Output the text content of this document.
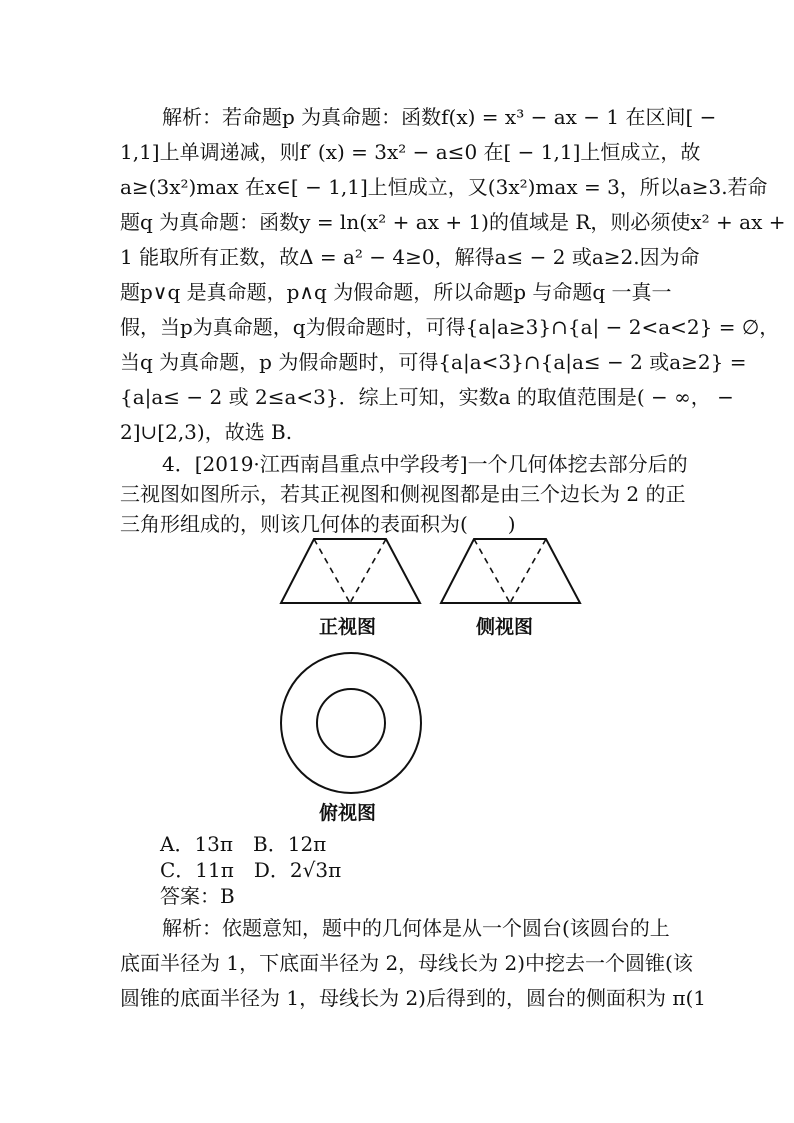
解析：若命题p 为真命题：函数f(x) = x³ − ax − 1 在区间[ −
1,1]上单调递减，则f′ (x) = 3x² − a≤0 在[ − 1,1]上恒成立，故
a≥(3x²)max 在x∈[ − 1,1]上恒成立，又(3x²)max = 3，所以a≥3.若命
题q 为真命题：函数y = ln(x² + ax + 1)的值域是 R，则必须使x² + ax +
1 能取所有正数，故Δ = a² − 4≥0，解得a≤ − 2 或a≥2.因为命
题p∨q 是真命题，p∧q 为假命题，所以命题p 与命题q 一真一
假，当p为真命题，q为假命题时，可得{a|a≥3}∩{a| − 2<a<2} = ∅，
当q 为真命题，p 为假命题时，可得{a|a<3}∩{a|a≤ − 2 或a≥2} =
{a|a≤ − 2 或 2≤a<3}．综上可知，实数a 的取值范围是( − ∞， −
2]∪[2,3)，故选 B.
4．[2019·江西南昌重点中学段考]一个几何体挖去部分后的
三视图如图所示，若其正视图和侧视图都是由三个边长为 2 的正
三角形组成的，则该几何体的表面积为(　　)
正视图	侧视图
俯视图
A．13π　B．12π
C．11π　D．2√3π
答案：B
解析：依题意知，题中的几何体是从一个圆台(该圆台的上
底面半径为 1，下底面半径为 2，母线长为 2)中挖去一个圆锥(该
圆锥的底面半径为 1，母线长为 2)后得到的，圆台的侧面积为 π(1
